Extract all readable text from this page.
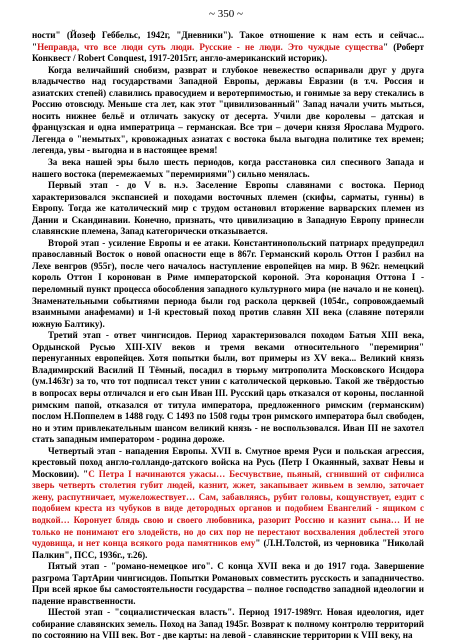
~ 350 ~

ности" (Йозеф Геббельс, 1942г, "Дневники"). Такое отношение к нам есть и сейчас... "Неправда, что все люди суть люди. Русские - не люди. Это чуждые существа" (Роберт Конквест / Robert Conquest, 1917-2015гг, англо-американский историк).

Когда величайший снобизм, разврат и глубокое невежество оспаривали друг у друга владычество над государствами Западной Европы, державы Евразии (в т.ч. Россия и азиатских степей) славились правосудием и веротерпимостью, и гонимые за веру стекались в Россию отовсюду. Меньше ста лет, как этот "цивилизованный" Запад начали учить мыться, носить нижнее бельё и отличать закуску от десерта. Учили две королевы – датская и французская и одна императрица – германская. Все три – дочери князя Ярослава Мудрого. Легенда о "немытых", кровожадных азиатах с востока была выгодна политике тех времен; легенда, увы - выгодна и в настоящее время!

За века нашей эры было шесть периодов, когда расстановка сил спесивого Запада и нашего востока (перемежаемых "перемириями") сильно менялась.

Первый этап - до V в. н.э. Заселение Европы славянами с востока. Период характеризовался экспансией и походами восточных племен (скифы, сарматы, гунны) в Европу. Тогда же католический мир с трудом остановил вторжение варварских племен из Дании и Скандинавии. Конечно, признать, что цивилизацию в Западную Европу принесли славянские племена, Запад категорически отказывается.

Второй этап - усиление Европы и ее атаки. Константинопольский патриарх предупредил православный Восток о новой опасности еще в 867г. Германский король Оттон I разбил на Лехе венгров (955г), после чего началось наступление европейцев на мир. В 962г. немецкий король Оттон I коронован в Риме императорской короной. Эта коронация Оттона I - переломный пункт процесса обособления западного культурного мира (не начало и не конец). Знаменательными событиями периода были год раскола церквей (1054г., сопровождаемый взаимными анафемами) и 1-й крестовый поход против славян XII века (славяне потеряли южную Балтику).

Третий этап - ответ чингисидов. Период характеризовался походом Батыя XIII века, Ордынской Русью XIII-XIV веков и тремя веками относительного "перемирия" перенуганных европейцев. Хотя попытки были, вот примеры из XV века... Великий князь Владимирский Василий II Тёмный, посадил в тюрьму митрополита Московского Исидора (ум.1463г) за то, что тот подписал текст унии с католической церковью. Такой же твёрдостью в вопросах веры отличался и его сын Иван III. Русский царь отказался от короны, посланной римским папой, отказался от титула императора, предложенного римским (германским) послом Н.Поппелем в 1488 году. С 1493 по 1508 годы трон римского императора был свободен, но и этим привлекательным шансом великий князь - не воспользовался. Иван III не захотел стать западным императором - родина дороже.

Четвертый этап - нападения Европы. XVII в. Смутное время Руси и польская агрессия, крестовый поход англо-голландо-датского войска на Русь (Петр I Окаянный, захват Невы и Московии). "С Петра I начинаются ужасы… Бесчувствие, пьяный, сгнивший от сифилиса зверь четверть столетия губит людей, казнит, жжет, закапывает живьем в землю, заточает жену, распутничает, мужеложествует… Сам, забавляясь, рубит головы, кощунствует, ездит с подобием креста из чубуков в виде детородных органов и подобием Евангелий - ящиком с водкой… Коронует блядь свою и своего любовника, разорит Россию и казнит сына… И не только не понимают его злодейств, но до сих пор не перестают восхваления доблестей этого чудовища, и нет конца всякого рода памятников ему" (Л.Н.Толстой, из черновика "Николай Палкин", ПСС, 1936г., т.26).

Пятый этап - "романо-немецкое иго". С конца XVII века и до 1917 года. Завершение разгрома ТартАрии чингисидов. Попытки Романовых совместить русскость и западничество. При всей яркое бы самостоятельности государства – полное господство западной идеологии и падение нравственности.

Шестой этап - "социалистическая власть". Период 1917-1989гг. Новая идеология, идет собирание славянских земель. Поход на Запад 1945г. Возврат к полному контролю территорий по состоянию на VIII век. Вот - две карты: на левой - славянские территории к VIII веку, на
